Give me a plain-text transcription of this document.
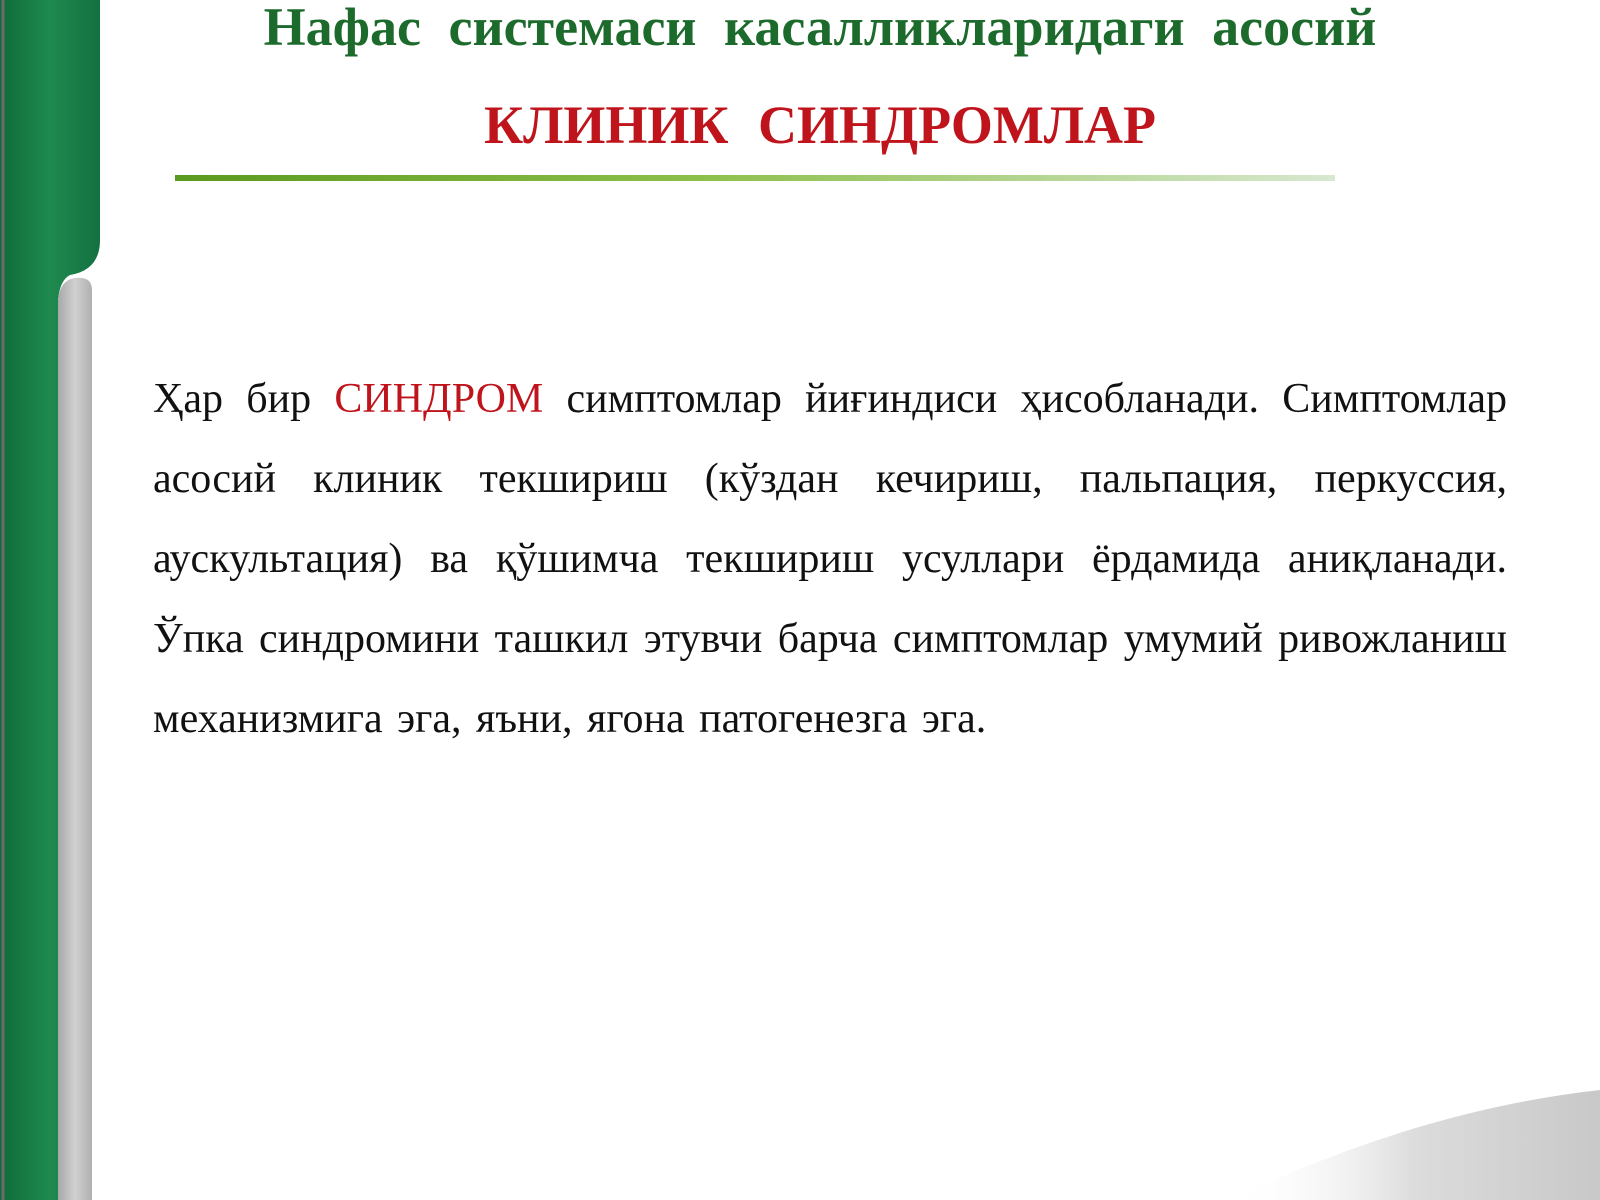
Нафас системаси касалликларидаги асосий
КЛИНИК СИНДРОМЛАР
Ҳар бир СИНДРОМ симптомлар йиғиндиси ҳисобланади. Симптомлар асосий клиник текшириш (кўздан кечириш, пальпация, перкуссия, аускультация) ва қўшимча текшириш усуллари ёрдамида аниқланади. Ўпка синдромини ташкил этувчи барча симптомлар умумий ривожланиш механизмига эга, яъни, ягона патогенезга эга.
